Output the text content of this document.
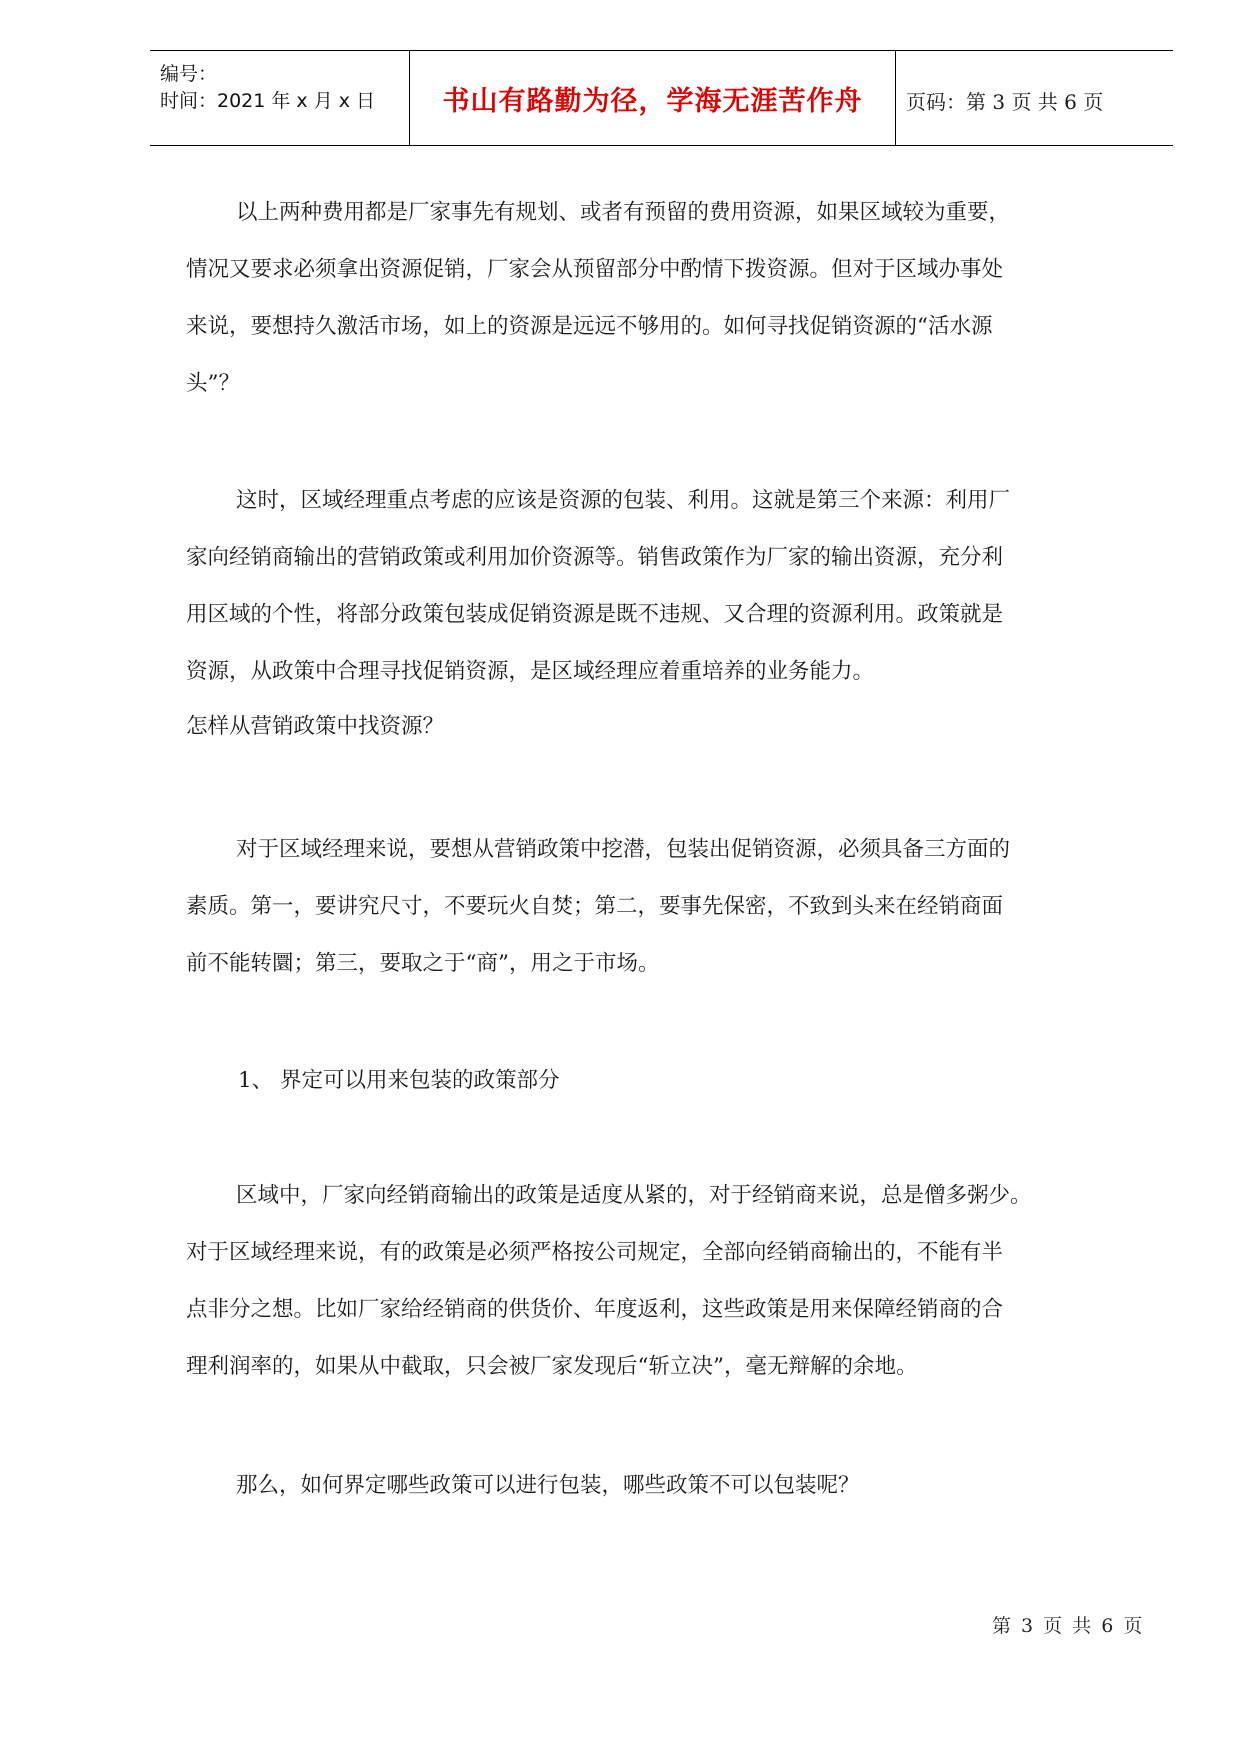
编号：
时间：2021 年 x 月 x 日	书山有路勤为径，学海无涯苦作舟	页码：第 3 页 共 6 页
以上两种费用都是厂家事先有规划、或者有预留的费用资源，如果区域较为重要，
情况又要求必须拿出资源促销，厂家会从预留部分中酌情下拨资源。但对于区域办事处
来说，要想持久激活市场，如上的资源是远远不够用的。如何寻找促销资源的“活水源
头”？
这时，区域经理重点考虑的应该是资源的包装、利用。这就是第三个来源：利用厂
家向经销商输出的营销政策或利用加价资源等。销售政策作为厂家的输出资源，充分利
用区域的个性，将部分政策包装成促销资源是既不违规、又合理的资源利用。政策就是
资源，从政策中合理寻找促销资源，是区域经理应着重培养的业务能力。
怎样从营销政策中找资源？
对于区域经理来说，要想从营销政策中挖潜，包装出促销资源，必须具备三方面的
素质。第一，要讲究尺寸，不要玩火自焚；第二，要事先保密，不致到头来在经销商面
前不能转圜；第三，要取之于“商”，用之于市场。
1、 界定可以用来包装的政策部分
区域中，厂家向经销商输出的政策是适度从紧的，对于经销商来说，总是僧多粥少。
对于区域经理来说，有的政策是必须严格按公司规定，全部向经销商输出的，不能有半
点非分之想。比如厂家给经销商的供货价、年度返利，这些政策是用来保障经销商的合
理利润率的，如果从中截取，只会被厂家发现后“斩立决”，毫无辩解的余地。
那么，如何界定哪些政策可以进行包装，哪些政策不可以包装呢？
第 3 页 共 6 页
